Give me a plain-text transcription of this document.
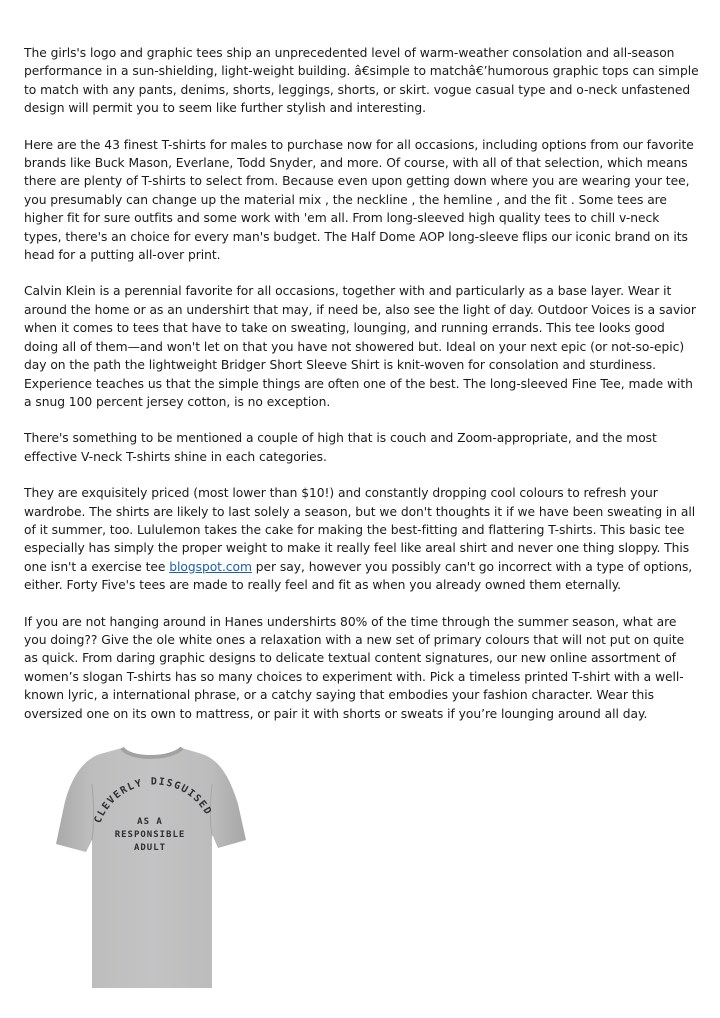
The girls's logo and graphic tees ship an unprecedented level of warm-weather consolation and all-season performance in a sun-shielding, light-weight building. â€simple to matchâ€’humorous graphic tops can simple to match with any pants, denims, shorts, leggings, shorts, or skirt. vogue casual type and o-neck unfastened design will permit you to seem like further stylish and interesting.

Here are the 43 finest T-shirts for males to purchase now for all occasions, including options from our favorite brands like Buck Mason, Everlane, Todd Snyder, and more. Of course, with all of that selection, which means there are plenty of T-shirts to select from. Because even upon getting down where you are wearing your tee, you presumably can change up the material mix , the neckline , the hemline , and the fit . Some tees are higher fit for sure outfits and some work with 'em all. From long-sleeved high quality tees to chill v-neck types, there's an choice for every man's budget. The Half Dome AOP long-sleeve flips our iconic brand on its head for a putting all-over print.

Calvin Klein is a perennial favorite for all occasions, together with and particularly as a base layer. Wear it around the home or as an undershirt that may, if need be, also see the light of day. Outdoor Voices is a savior when it comes to tees that have to take on sweating, lounging, and running errands. This tee looks good doing all of them—and won't let on that you have not showered but. Ideal on your next epic (or not-so-epic) day on the path the lightweight Bridger Short Sleeve Shirt is knit-woven for consolation and sturdiness. Experience teaches us that the simple things are often one of the best. The long-sleeved Fine Tee, made with a snug 100 percent jersey cotton, is no exception.

There's something to be mentioned a couple of high that is couch and Zoom-appropriate, and the most effective V-neck T-shirts shine in each categories.

They are exquisitely priced (most lower than $10!) and constantly dropping cool colours to refresh your wardrobe. The shirts are likely to last solely a season, but we don't thoughts it if we have been sweating in all of it summer, too. Lululemon takes the cake for making the best-fitting and flattering T-shirts. This basic tee especially has simply the proper weight to make it really feel like areal shirt and never one thing sloppy. This one isn't a exercise tee blogspot.com per say, however you possibly can't go incorrect with a type of options, either. Forty Five's tees are made to really feel and fit as when you already owned them eternally.

If you are not hanging around in Hanes undershirts 80% of the time through the summer season, what are you doing?? Give the ole white ones a relaxation with a new set of primary colours that will not put on quite as quick. From daring graphic designs to delicate textual content signatures, our new online assortment of women’s slogan T-shirts has so many choices to experiment with. Pick a timeless printed T-shirt with a well-known lyric, a international phrase, or a catchy saying that embodies your fashion character. Wear this oversized one on its own to mattress, or pair it with shorts or sweats if you’re lounging around all day.

CLEVERLY DISGUISED
AS A
RESPONSIBLE
ADULT
